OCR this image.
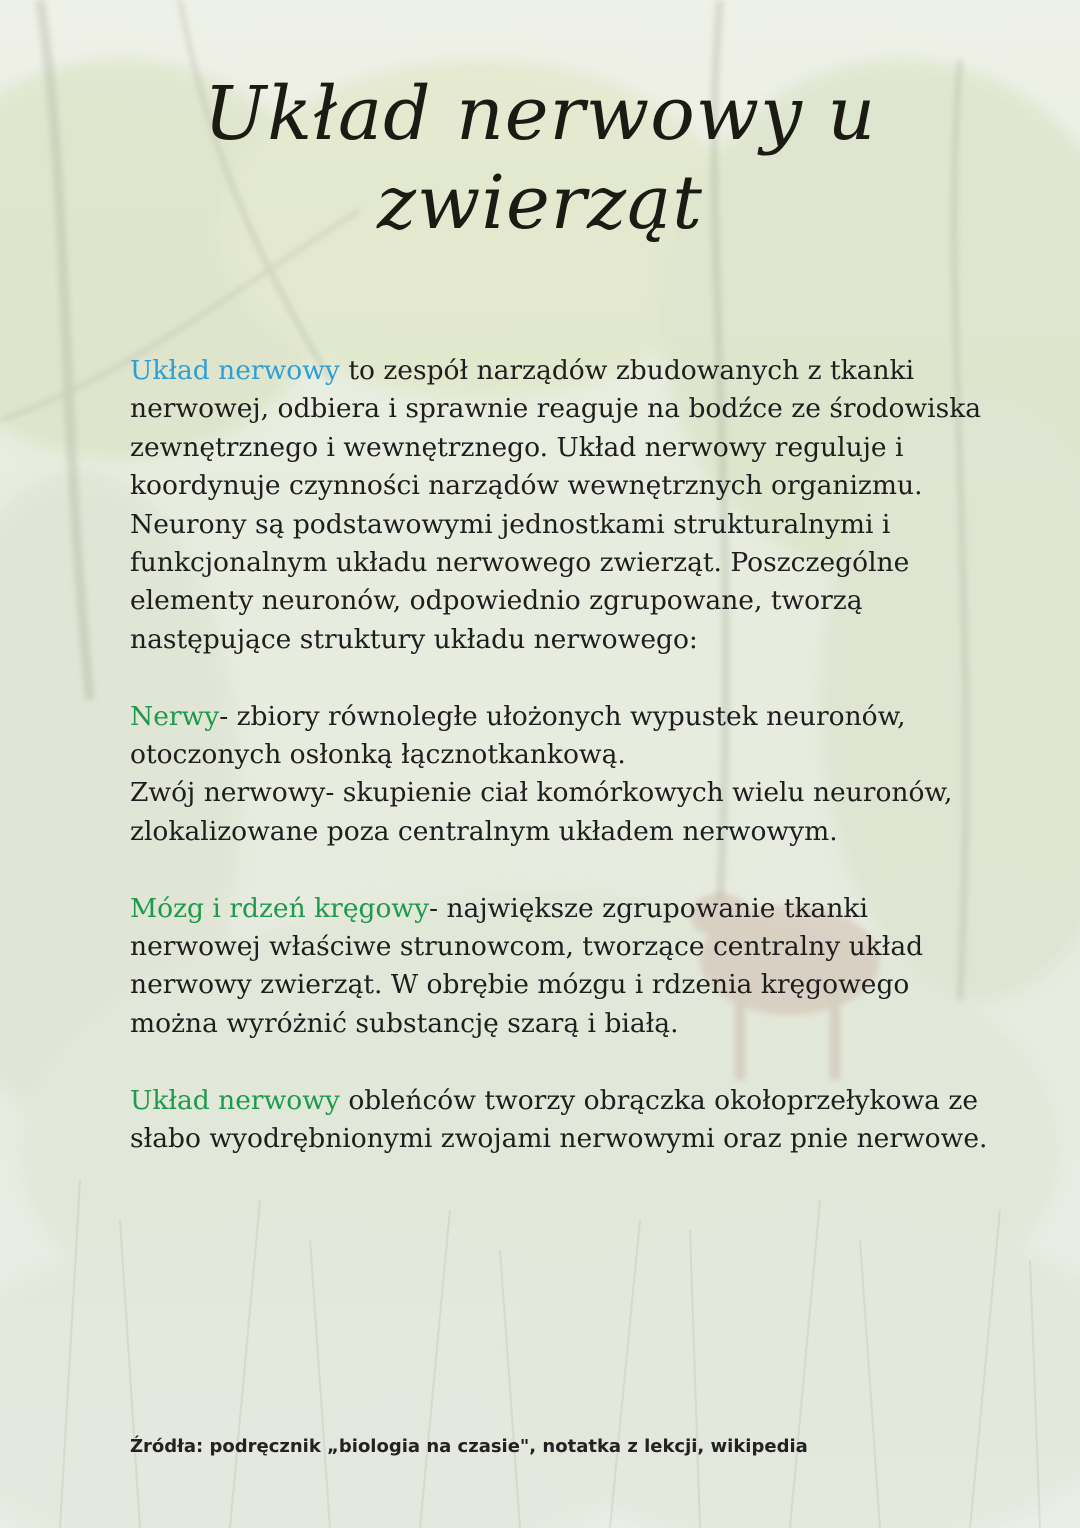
Układ nerwowy u zwierząt

Układ nerwowy to zespół narządów zbudowanych z tkanki nerwowej, odbiera i sprawnie reaguje na bodźce ze środowiska zewnętrznego i wewnętrznego. Układ nerwowy reguluje i koordynuje czynności narządów wewnętrznych organizmu. Neurony są podstawowymi jednostkami strukturalnymi i funkcjonalnym układu nerwowego zwierząt. Poszczególne elementy neuronów, odpowiednio zgrupowane, tworzą następujące struktury układu nerwowego:

Nerwy- zbiory równoległe ułożonych wypustek neuronów, otoczonych osłonką łącznotkankową.

Zwój nerwowy- skupienie ciał komórkowych wielu neuronów, zlokalizowane poza centralnym układem nerwowym.

Mózg i rdzeń kręgowy- największe zgrupowanie tkanki nerwowej właściwe strunowcom, tworzące centralny układ nerwowy zwierząt. W obrębie mózgu i rdzenia kręgowego można wyróżnić substancję szarą i białą.

Układ nerwowy obleńców tworzy obrączka okołoprzełykowa ze słabo wyodrębnionymi zwojami nerwowymi oraz pnie nerwowe.

Źródła: podręcznik „biologia na czasie", notatka z lekcji, wikipedia
